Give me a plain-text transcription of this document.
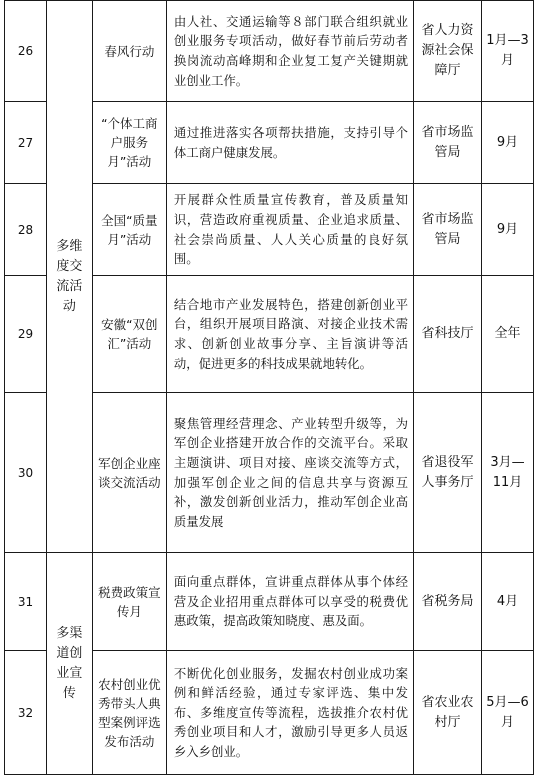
26	多维度交流活动	春风行动	由人社、交通运输等８部门联合组织就业创业服务专项活动，做好春节前后劳动者换岗流动高峰期和企业复工复产关键期就业创业工作。	省人力资源社会保障厅	1月—3月
27		“个体工商户服务月”活动	通过推进落实各项帮扶措施，支持引导个体工商户健康发展。	省市场监管局	9月
28		全国“质量月”活动	开展群众性质量宣传教育，普及质量知识，营造政府重视质量、企业追求质量、社会崇尚质量、人人关心质量的良好氛围。	省市场监管局	9月
29		安徽“双创汇”活动	结合地市产业发展特色，搭建创新创业平台，组织开展项目路演、对接企业技术需求、创新创业故事分享、主旨演讲等活动，促进更多的科技成果就地转化。	省科技厅	全年
30		军创企业座谈交流活动	聚焦管理经营理念、产业转型升级等，为军创企业搭建开放合作的交流平台。采取主题演讲、项目对接、座谈交流等方式，加强军创企业之间的信息共享与资源互补，激发创新创业活力，推动军创企业高质量发展	省退役军人事务厅	3月—11月
31	多渠道创业宣传	税费政策宣传月	面向重点群体，宣讲重点群体从事个体经营及企业招用重点群体可以享受的税费优惠政策，提高政策知晓度、惠及面。	省税务局	4月
32		农村创业优秀带头人典型案例评选发布活动	不断优化创业服务，发掘农村创业成功案例和鲜活经验，通过专家评选、集中发布、多维度宣传等流程，选拔推介农村优秀创业项目和人才，激励引导更多人员返乡入乡创业。	省农业农村厅	5月—6月
